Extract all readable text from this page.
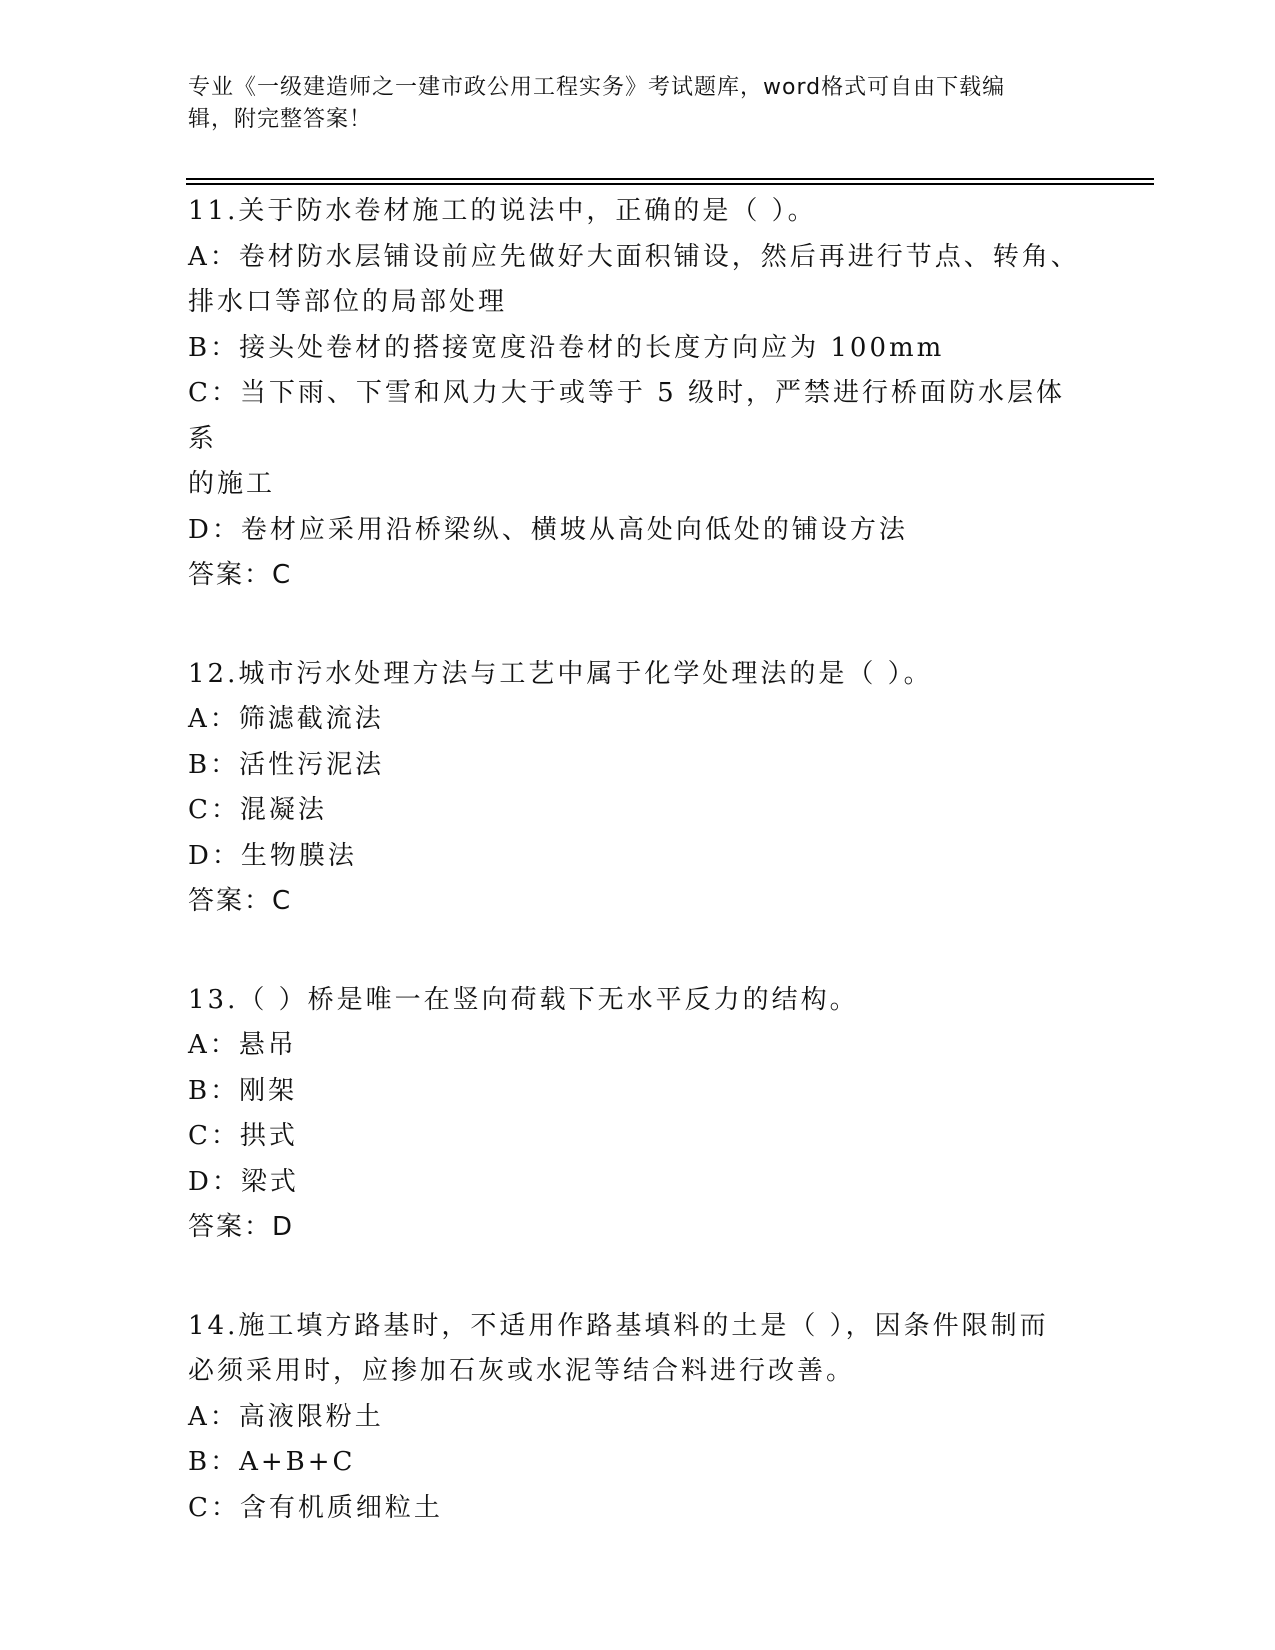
专业《一级建造师之一建市政公用工程实务》考试题库，word格式可自由下载编
辑，附完整答案！
11.关于防水卷材施工的说法中，正确的是（ ）。
A：卷材防水层铺设前应先做好大面积铺设，然后再进行节点、转角、
排水口等部位的局部处理
B：接头处卷材的搭接宽度沿卷材的长度方向应为 100mm
C：当下雨、下雪和风力大于或等于 5 级时，严禁进行桥面防水层体系
的施工
D：卷材应采用沿桥梁纵、横坡从高处向低处的铺设方法
答案：C
12.城市污水处理方法与工艺中属于化学处理法的是（ ）。
A：筛滤截流法
B：活性污泥法
C：混凝法
D：生物膜法
答案：C
13.（ ）桥是唯一在竖向荷载下无水平反力的结构。
A：悬吊
B：刚架
C：拱式
D：梁式
答案：D
14.施工填方路基时，不适用作路基填料的土是（ ），因条件限制而
必须采用时，应掺加石灰或水泥等结合料进行改善。
A：高液限粉土
B：A+B+C
C：含有机质细粒土
